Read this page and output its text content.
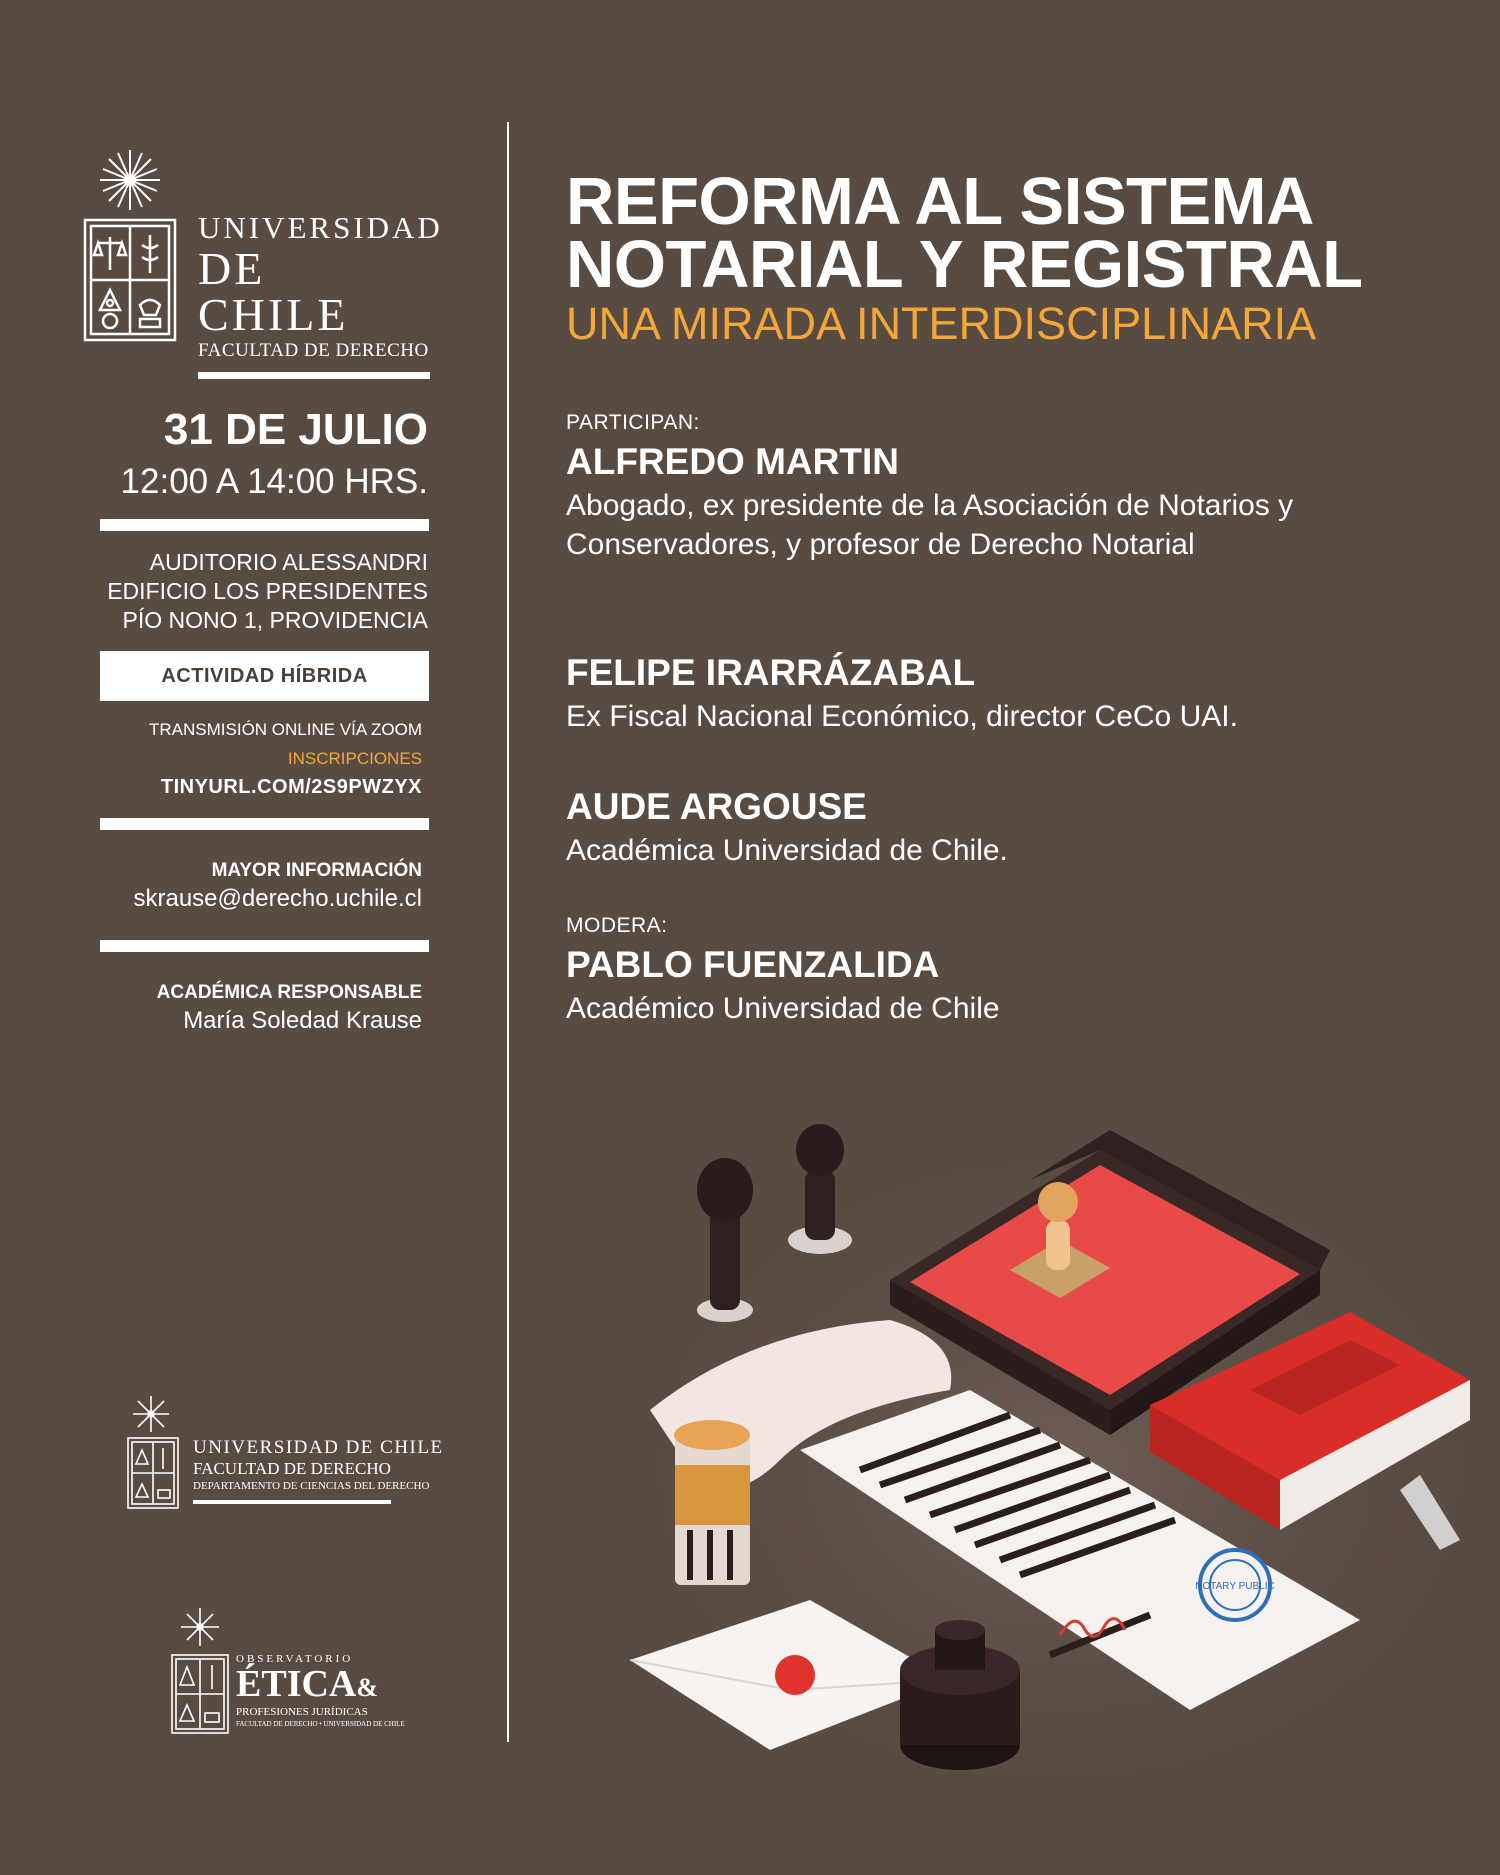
UNIVERSIDAD
DE CHILE
FACULTAD DE DERECHO
31 DE JULIO
12:00 A 14:00 HRS.
AUDITORIO ALESSANDRI
EDIFICIO LOS PRESIDENTES
PÍO NONO 1, PROVIDENCIA
ACTIVIDAD HÍBRIDA
TRANSMISIÓN ONLINE VÍA ZOOM
INSCRIPCIONES
TINYURL.COM/2S9PWZYX
MAYOR INFORMACIÓN
skrause@derecho.uchile.cl
ACADÉMICA RESPONSABLE
María Soledad Krause
UNIVERSIDAD DE CHILE
FACULTAD DE DERECHO
DEPARTAMENTO DE CIENCIAS DEL DERECHO
OBSERVATORIO
ÉTICA&
PROFESIONES JURÍDICAS
FACULTAD DE DERECHO • UNIVERSIDAD DE CHILE
REFORMA AL SISTEMA
NOTARIAL Y REGISTRAL
UNA MIRADA INTERDISCIPLINARIA
PARTICIPAN:
ALFREDO MARTIN
Abogado, ex presidente de la Asociación de Notarios y Conservadores, y profesor de Derecho Notarial
FELIPE IRARRÁZABAL
Ex Fiscal Nacional Económico, director CeCo UAI.
AUDE ARGOUSE
Académica Universidad de Chile.
MODERA:
PABLO FUENZALIDA
Académico Universidad de Chile
NOTARY PUBLIC
